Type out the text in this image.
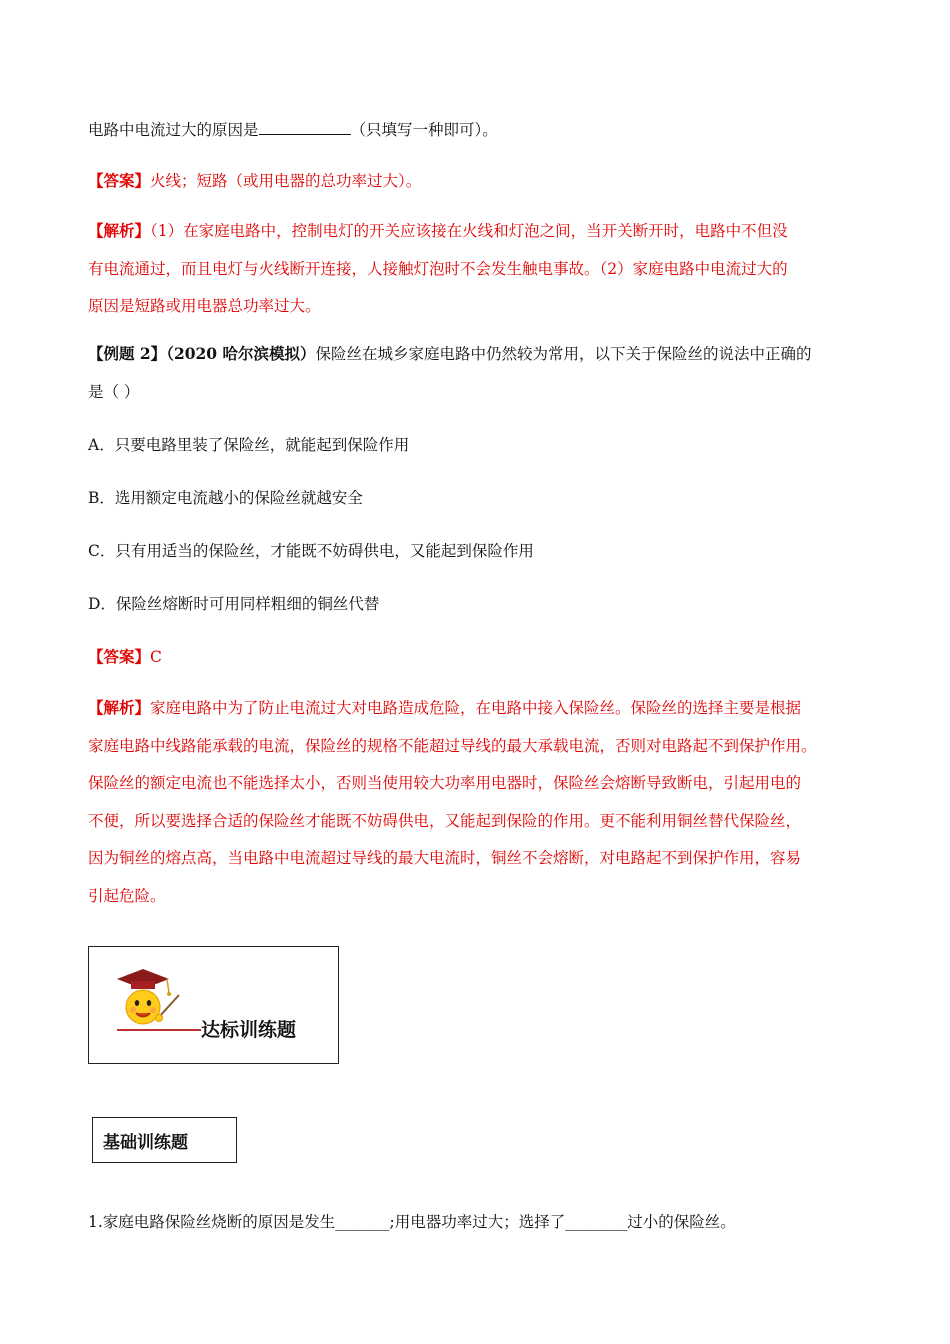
电路中电流过大的原因是	（只填写一种即可）。
【答案】火线；短路（或用电器的总功率过大）。
【解析】（1）在家庭电路中，控制电灯的开关应该接在火线和灯泡之间，当开关断开时，电路中不但没
有电流通过，而且电灯与火线断开连接，人接触灯泡时不会发生触电事故。（2）家庭电路中电流过大的
原因是短路或用电器总功率过大。
【例题 2】（2020 哈尔滨模拟）保险丝在城乡家庭电路中仍然较为常用，以下关于保险丝的说法中正确的
是（ ）
A．只要电路里装了保险丝，就能起到保险作用
B．选用额定电流越小的保险丝就越安全
C．只有用适当的保险丝，才能既不妨碍供电，又能起到保险作用
D．保险丝熔断时可用同样粗细的铜丝代替
【答案】C
【解析】家庭电路中为了防止电流过大对电路造成危险，在电路中接入保险丝。保险丝的选择主要是根据
家庭电路中线路能承载的电流，保险丝的规格不能超过导线的最大承载电流，否则对电路起不到保护作用。
保险丝的额定电流也不能选择太小，否则当使用较大功率用电器时，保险丝会熔断导致断电，引起用电的
不便，所以要选择合适的保险丝才能既不妨碍供电，又能起到保险的作用。更不能利用铜丝替代保险丝，
因为铜丝的熔点高，当电路中电流超过导线的最大电流时，铜丝不会熔断，对电路起不到保护作用，容易
引起危险。
达标训练题
基础训练题
1.家庭电路保险丝烧断的原因是发生_______;用电器功率过大；选择了________过小的保险丝。
